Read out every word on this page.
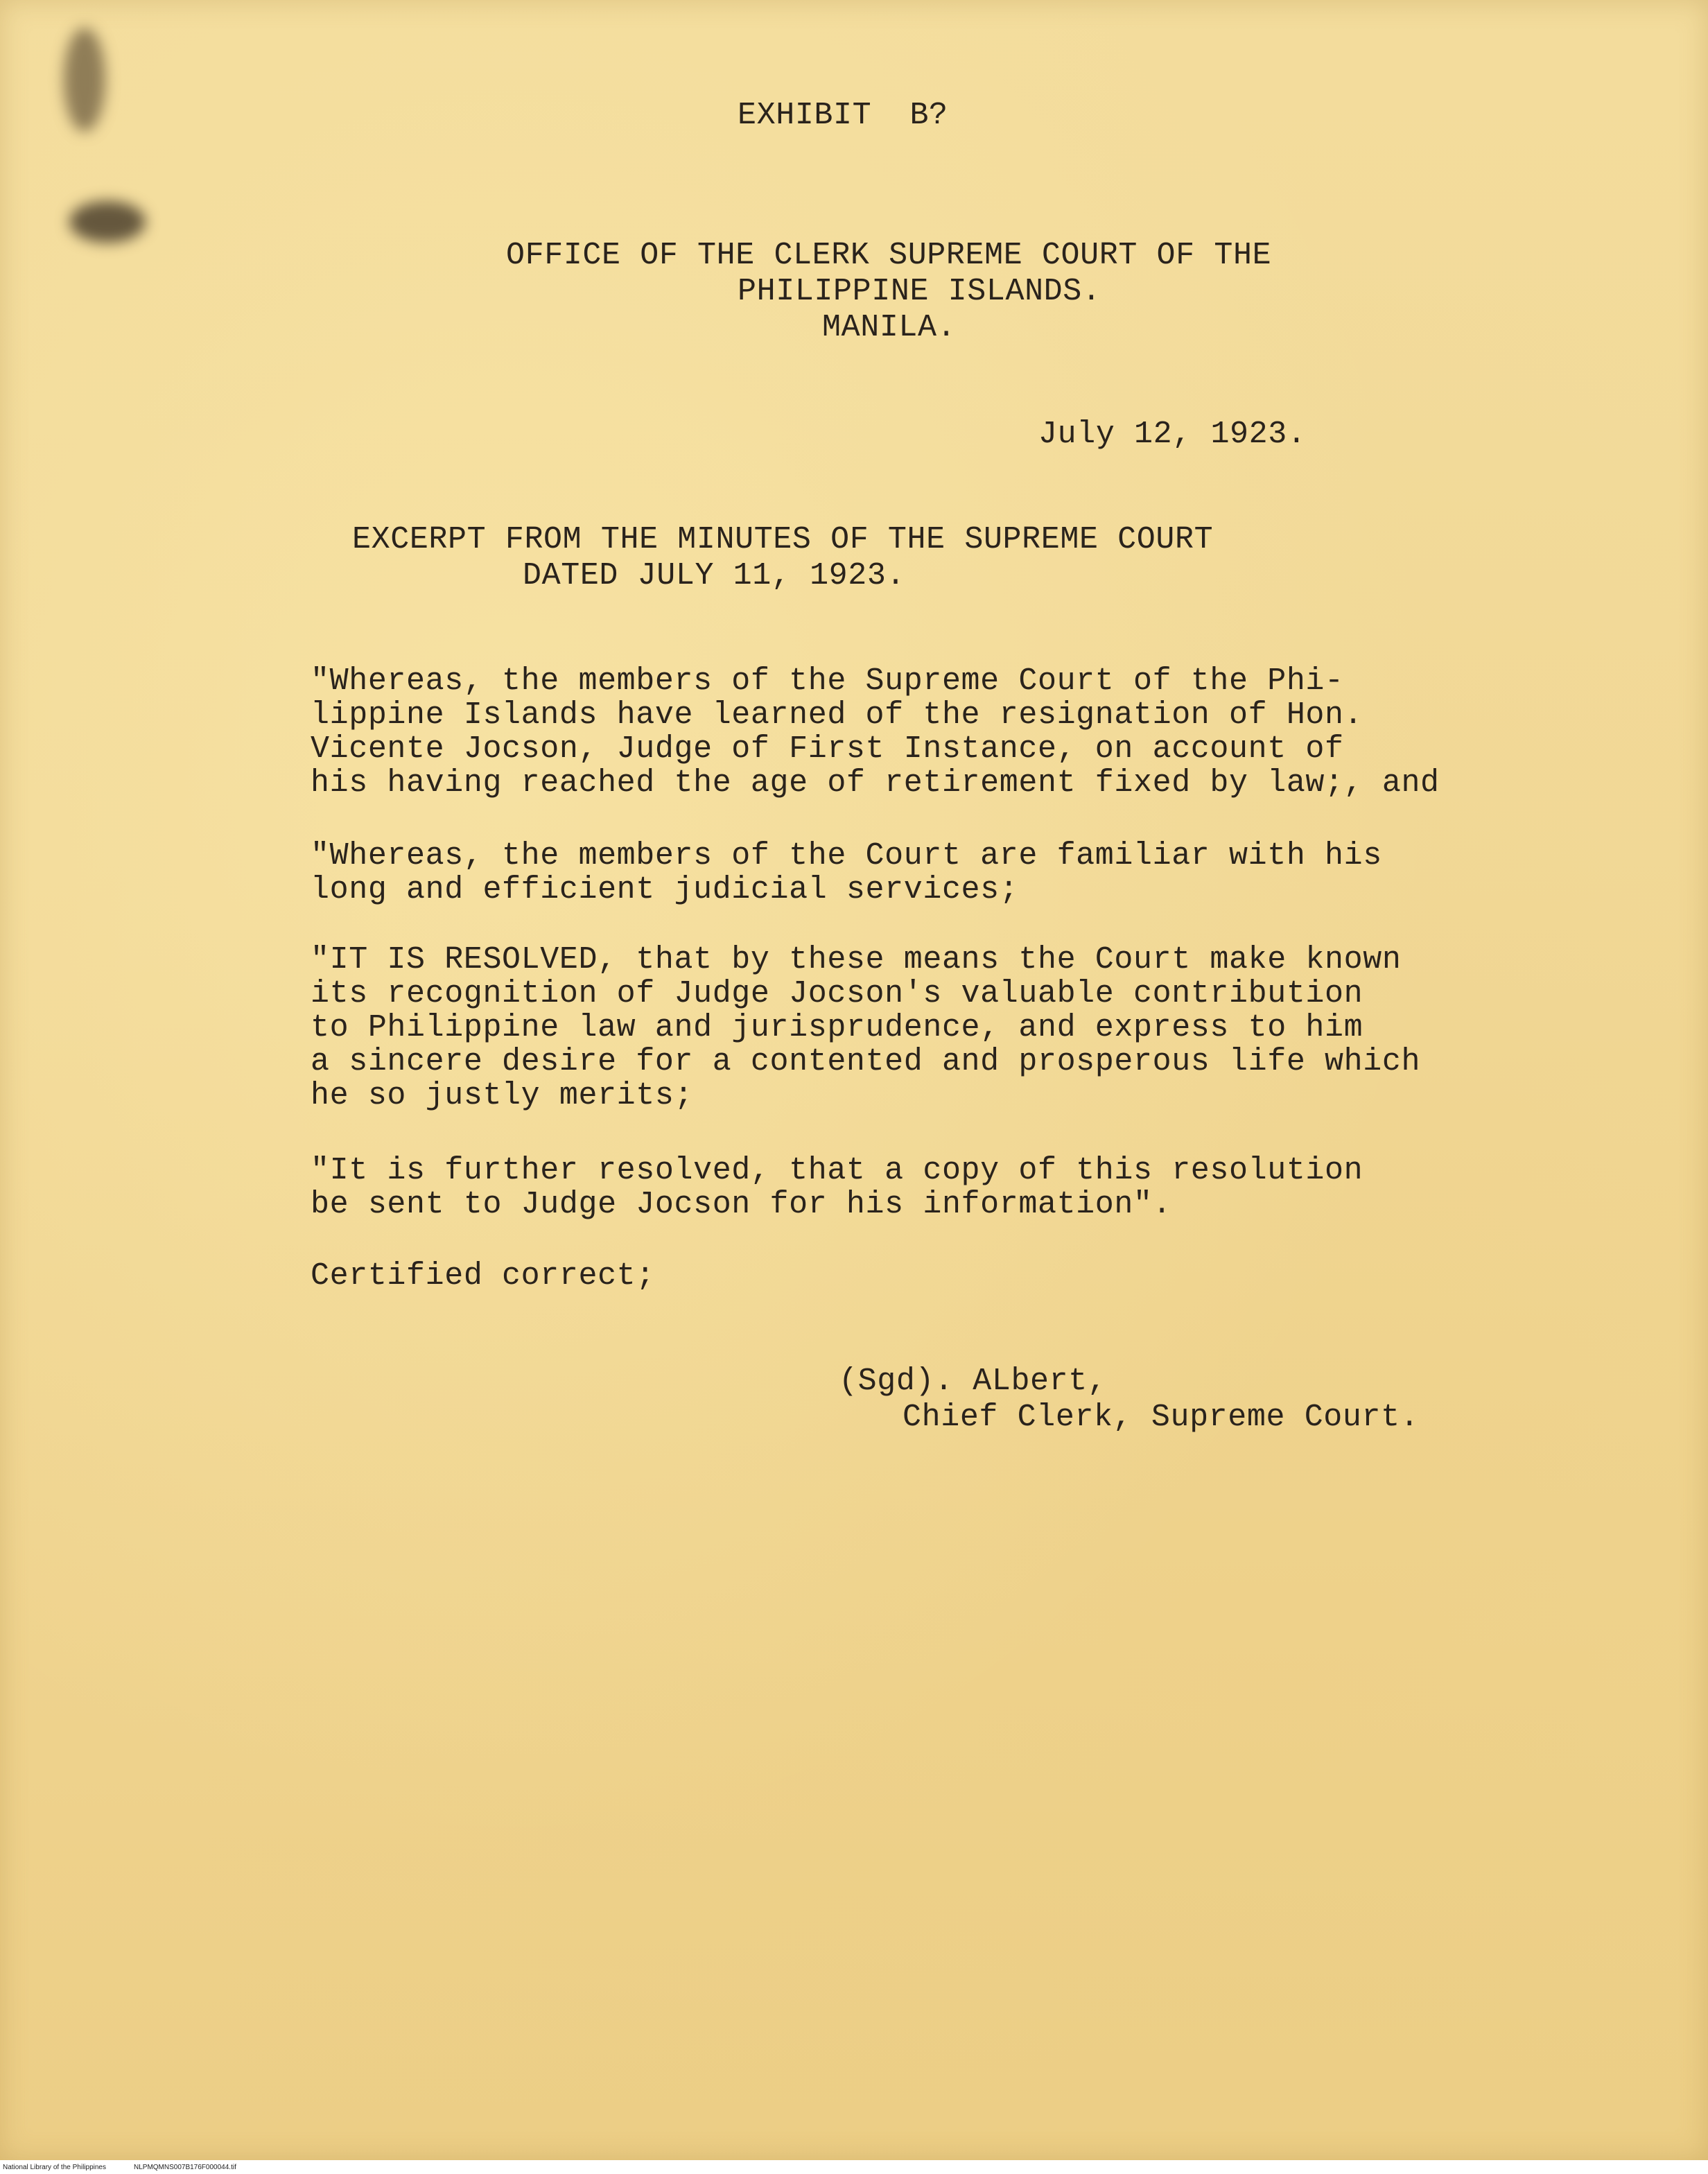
EXHIBIT  B?
OFFICE OF THE CLERK SUPREME COURT OF THE
PHILIPPINE ISLANDS.
MANILA.
July 12, 1923.
EXCERPT FROM THE MINUTES OF THE SUPREME COURT
DATED JULY 11, 1923.
"Whereas, the members of the Supreme Court of the Phi-
lippine Islands have learned of the resignation of Hon.
Vicente Jocson, Judge of First Instance, on account of
his having reached the age of retirement fixed by law;, and
"Whereas, the members of the Court are familiar with his
long and efficient judicial services;
"IT IS RESOLVED, that by these means the Court make known
its recognition of Judge Jocson's valuable contribution
to Philippine law and jurisprudence, and express to him
a sincere desire for a contented and prosperous life which
he so justly merits;
"It is further resolved, that a copy of this resolution
be sent to Judge Jocson for his information".
Certified correct;
(Sgd). ALbert,
Chief Clerk, Supreme Court.
National Library of the Philippines	NLPMQMNS007B176F000044.tif
